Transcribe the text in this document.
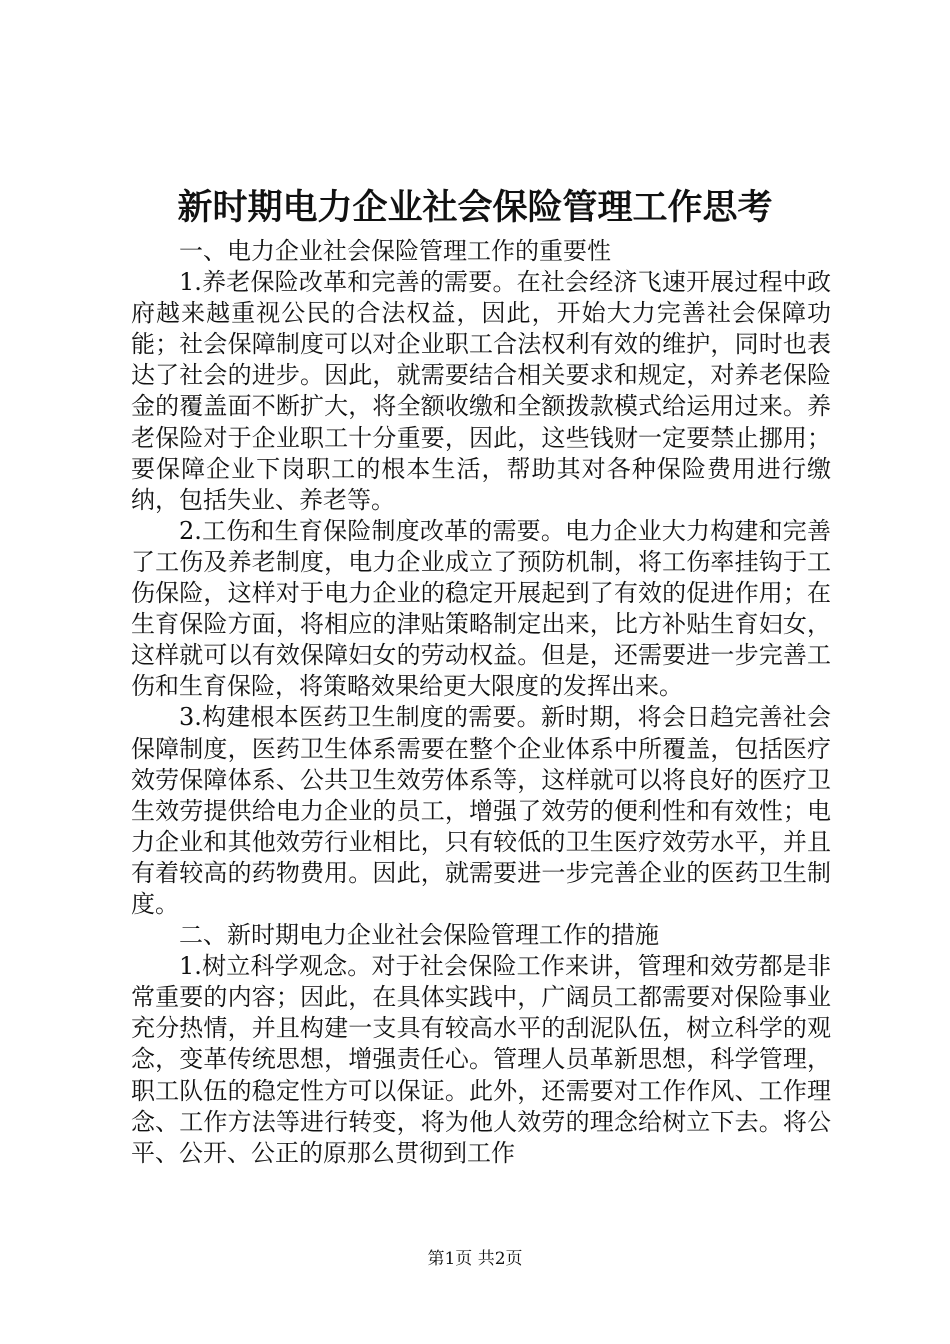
新时期电力企业社会保险管理工作思考

一、电力企业社会保险管理工作的重要性

1.养老保险改革和完善的需要。在社会经济飞速开展过程中政府越来越重视公民的合法权益，因此，开始大力完善社会保障功能；社会保障制度可以对企业职工合法权利有效的维护，同时也表达了社会的进步。因此，就需要结合相关要求和规定，对养老保险金的覆盖面不断扩大，将全额收缴和全额拨款模式给运用过来。养老保险对于企业职工十分重要，因此，这些钱财一定要禁止挪用；要保障企业下岗职工的根本生活，帮助其对各种保险费用进行缴纳，包括失业、养老等。

2.工伤和生育保险制度改革的需要。电力企业大力构建和完善了工伤及养老制度，电力企业成立了预防机制，将工伤率挂钩于工伤保险，这样对于电力企业的稳定开展起到了有效的促进作用；在生育保险方面，将相应的津贴策略制定出来，比方补贴生育妇女，这样就可以有效保障妇女的劳动权益。但是，还需要进一步完善工伤和生育保险，将策略效果给更大限度的发挥出来。

3.构建根本医药卫生制度的需要。新时期，将会日趋完善社会保障制度，医药卫生体系需要在整个企业体系中所覆盖，包括医疗效劳保障体系、公共卫生效劳体系等，这样就可以将良好的医疗卫生效劳提供给电力企业的员工，增强了效劳的便利性和有效性；电力企业和其他效劳行业相比，只有较低的卫生医疗效劳水平，并且有着较高的药物费用。因此，就需要进一步完善企业的医药卫生制度。

二、新时期电力企业社会保险管理工作的措施

1.树立科学观念。对于社会保险工作来讲，管理和效劳都是非常重要的内容；因此，在具体实践中，广阔员工都需要对保险事业充分热情，并且构建一支具有较高水平的刮泥队伍，树立科学的观念，变革传统思想，增强责任心。管理人员革新思想，科学管理，职工队伍的稳定性方可以保证。此外，还需要对工作作风、工作理念、工作方法等进行转变，将为他人效劳的理念给树立下去。将公平、公开、公正的原那么贯彻到工作

第1页 共2页
